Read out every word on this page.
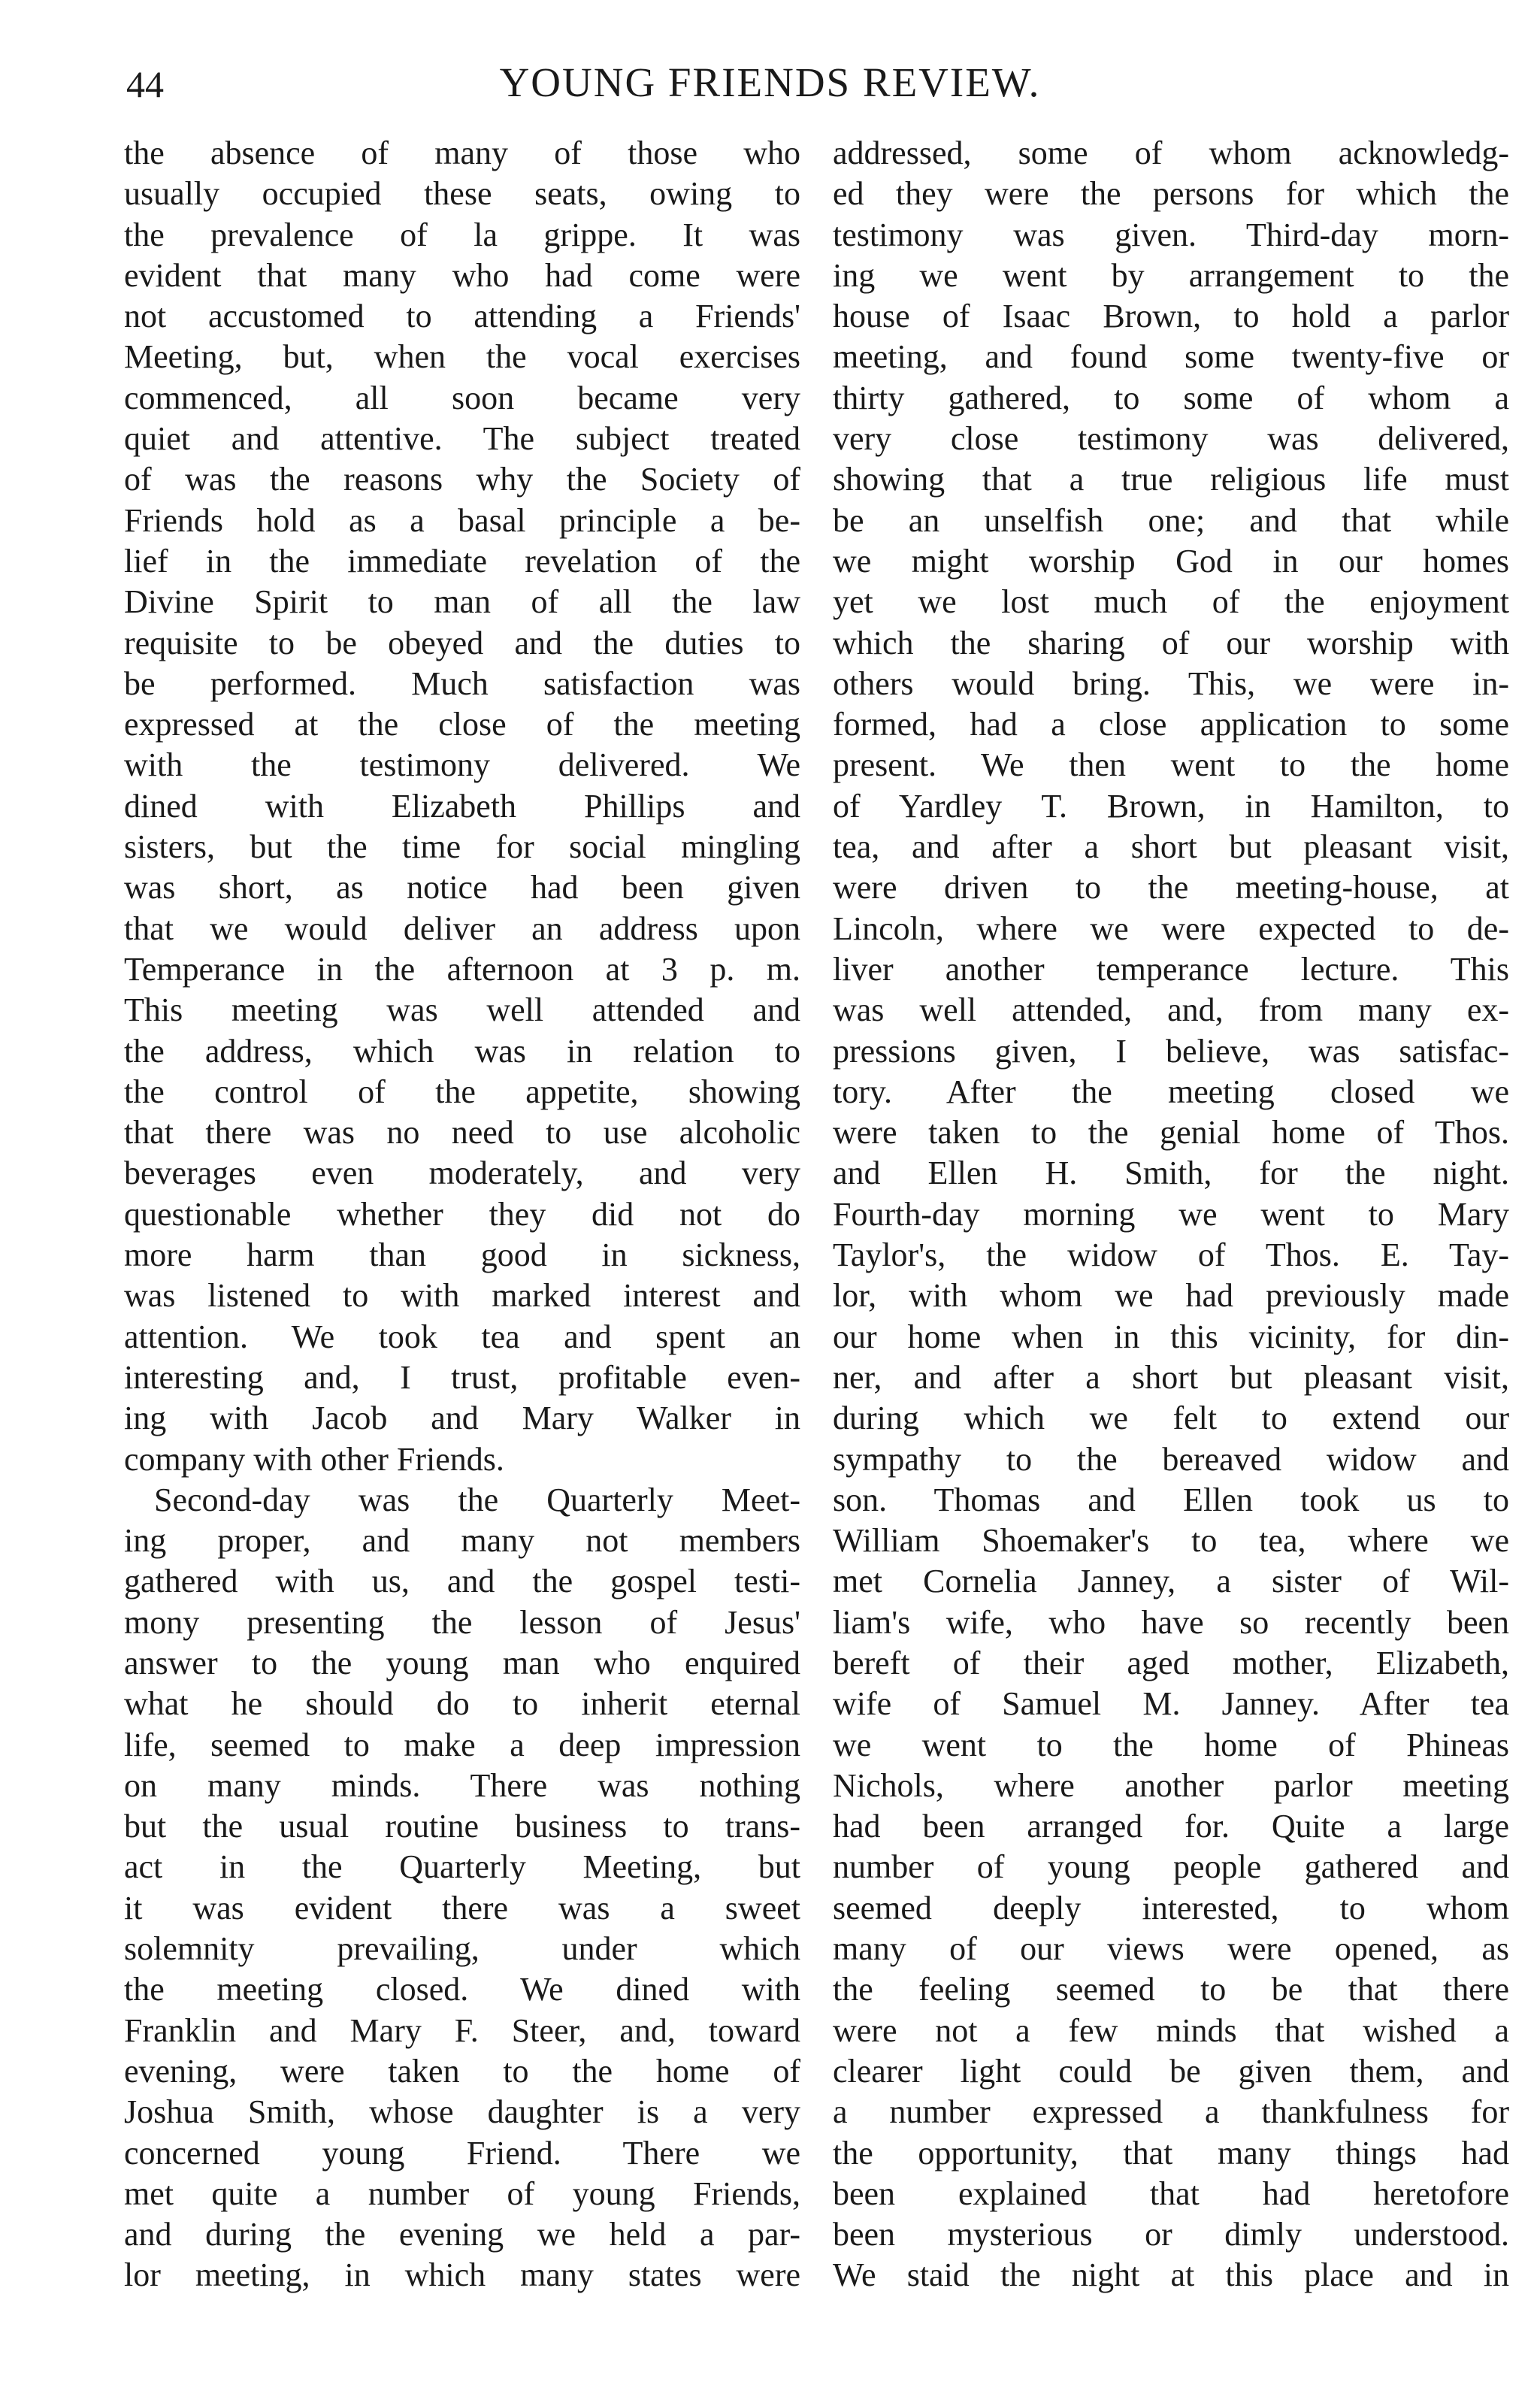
44	YOUNG FRIENDS REVIEW.
the absence of many of those who
usually occupied these seats, owing to
the prevalence of la grippe. It was
evident that many who had come were
not accustomed to attending a Friends'
Meeting, but, when the vocal exercises
commenced, all soon became very
quiet and attentive. The subject treated
of was the reasons why the Society of
Friends hold as a basal principle a be-
lief in the immediate revelation of the
Divine Spirit to man of all the law
requisite to be obeyed and the duties to
be performed. Much satisfaction was
expressed at the close of the meeting
with the testimony delivered. We
dined with Elizabeth Phillips and
sisters, but the time for social mingling
was short, as notice had been given
that we would deliver an address upon
Temperance in the afternoon at 3 p. m.
This meeting was well attended and
the address, which was in relation to
the control of the appetite, showing
that there was no need to use alcoholic
beverages even moderately, and very
questionable whether they did not do
more harm than good in sickness,
was listened to with marked interest and
attention. We took tea and spent an
interesting and, I trust, profitable even-
ing with Jacob and Mary Walker in
company with other Friends.
Second-day was the Quarterly Meet-
ing proper, and many not members
gathered with us, and the gospel testi-
mony presenting the lesson of Jesus'
answer to the young man who enquired
what he should do to inherit eternal
life, seemed to make a deep impression
on many minds. There was nothing
but the usual routine business to trans-
act in the Quarterly Meeting, but
it was evident there was a sweet
solemnity prevailing, under which
the meeting closed. We dined with
Franklin and Mary F. Steer, and, toward
evening, were taken to the home of
Joshua Smith, whose daughter is a very
concerned young Friend. There we
met quite a number of young Friends,
and during the evening we held a par-
lor meeting, in which many states were
addressed, some of whom acknowledg-
ed they were the persons for which the
testimony was given. Third-day morn-
ing we went by arrangement to the
house of Isaac Brown, to hold a parlor
meeting, and found some twenty-five or
thirty gathered, to some of whom a
very close testimony was delivered,
showing that a true religious life must
be an unselfish one; and that while
we might worship God in our homes
yet we lost much of the enjoyment
which the sharing of our worship with
others would bring. This, we were in-
formed, had a close application to some
present. We then went to the home
of Yardley T. Brown, in Hamilton, to
tea, and after a short but pleasant visit,
were driven to the meeting-house, at
Lincoln, where we were expected to de-
liver another temperance lecture. This
was well attended, and, from many ex-
pressions given, I believe, was satisfac-
tory. After the meeting closed we
were taken to the genial home of Thos.
and Ellen H. Smith, for the night.
Fourth-day morning we went to Mary
Taylor's, the widow of Thos. E. Tay-
lor, with whom we had previously made
our home when in this vicinity, for din-
ner, and after a short but pleasant visit,
during which we felt to extend our
sympathy to the bereaved widow and
son. Thomas and Ellen took us to
William Shoemaker's to tea, where we
met Cornelia Janney, a sister of Wil-
liam's wife, who have so recently been
bereft of their aged mother, Elizabeth,
wife of Samuel M. Janney. After tea
we went to the home of Phineas
Nichols, where another parlor meeting
had been arranged for. Quite a large
number of young people gathered and
seemed deeply interested, to whom
many of our views were opened, as
the feeling seemed to be that there
were not a few minds that wished a
clearer light could be given them, and
a number expressed a thankfulness for
the opportunity, that many things had
been explained that had heretofore
been mysterious or dimly understood.
We staid the night at this place and in
